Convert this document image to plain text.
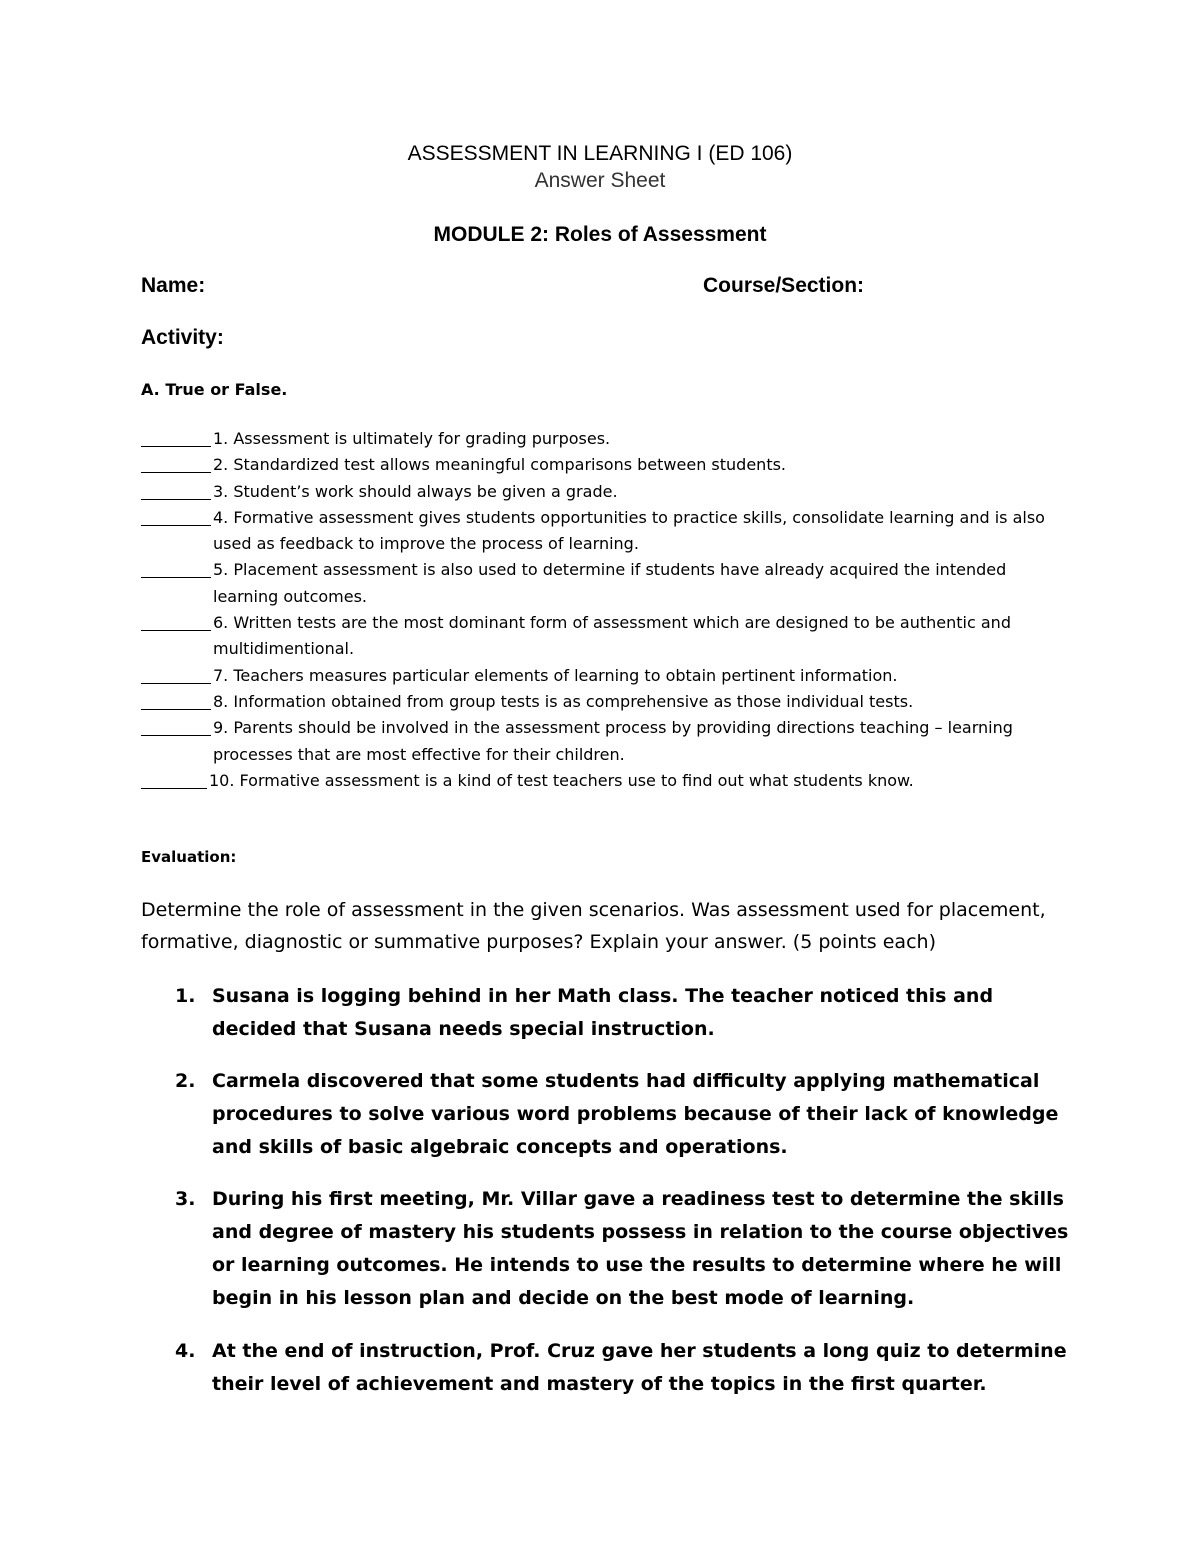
ASSESSMENT IN LEARNING I (ED 106)
Answer Sheet
MODULE 2: Roles of Assessment
Name:	Course/Section:
Activity:
A. True or False.
1. Assessment is ultimately for grading purposes.
2. Standardized test allows meaningful comparisons between students.
3. Student’s work should always be given a grade.
4. Formative assessment gives students opportunities to practice skills, consolidate learning and is also used as feedback to improve the process of learning.
5. Placement assessment is also used to determine if students have already acquired the intended learning outcomes.
6. Written tests are the most dominant form of assessment which are designed to be authentic and multidimentional.
7. Teachers measures particular elements of learning to obtain pertinent information.
8. Information obtained from group tests is as comprehensive as those individual tests.
9. Parents should be involved in the assessment process by providing directions teaching – learning processes that are most effective for their children.
10. Formative assessment is a kind of test teachers use to find out what students know.
Evaluation:
Determine the role of assessment in the given scenarios. Was assessment used for placement, formative, diagnostic or summative purposes? Explain your answer. (5 points each)
1. Susana is logging behind in her Math class. The teacher noticed this and decided that Susana needs special instruction.
2. Carmela discovered that some students had difficulty applying mathematical procedures to solve various word problems because of their lack of knowledge and skills of basic algebraic concepts and operations.
3. During his first meeting, Mr. Villar gave a readiness test to determine the skills and degree of mastery his students possess in relation to the course objectives or learning outcomes. He intends to use the results to determine where he will begin in his lesson plan and decide on the best mode of learning.
4. At the end of instruction, Prof. Cruz gave her students a long quiz to determine their level of achievement and mastery of the topics in the first quarter.
